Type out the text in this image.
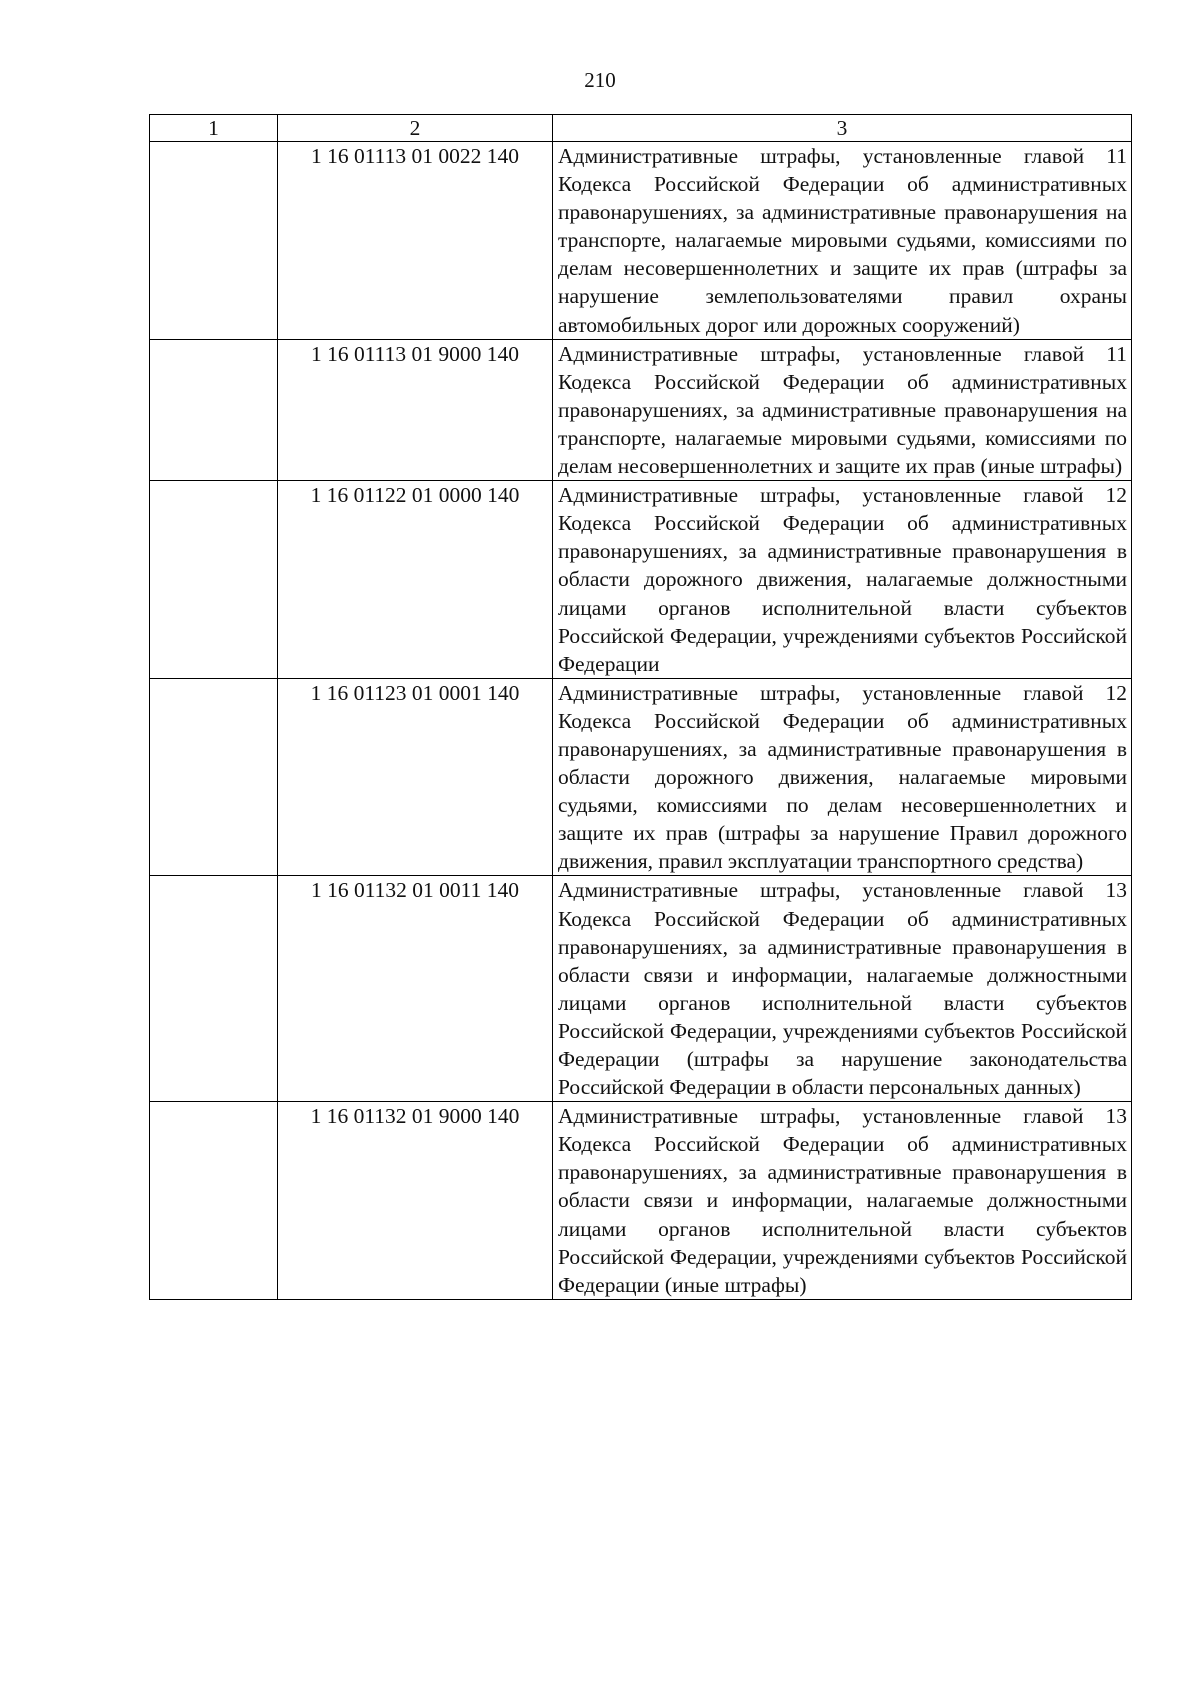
210
1	2	3
	1 16 01113 01 0022 140	Административные штрафы, установленные главой 11 Кодекса Российской Федерации об административных правонарушениях, за административные правонарушения на транспорте, налагаемые мировыми судьями, комиссиями по делам несовершеннолетних и защите их прав (штрафы за нарушение землепользователями правил охраны автомобильных дорог или дорожных сооружений)
	1 16 01113 01 9000 140	Административные штрафы, установленные главой 11 Кодекса Российской Федерации об административных правонарушениях, за административные правонарушения на транспорте, налагаемые мировыми судьями, комиссиями по делам несовершеннолетних и защите их прав (иные штрафы)
	1 16 01122 01 0000 140	Административные штрафы, установленные главой 12 Кодекса Российской Федерации об административных правонарушениях, за административные правонарушения в области дорожного движения, налагаемые должностными лицами органов исполнительной власти субъектов Российской Федерации, учреждениями субъектов Российской Федерации
	1 16 01123 01 0001 140	Административные штрафы, установленные главой 12 Кодекса Российской Федерации об административных правонарушениях, за административные правонарушения в области дорожного движения, налагаемые мировыми судьями, комиссиями по делам несовершеннолетних и защите их прав (штрафы за нарушение Правил дорожного движения, правил эксплуатации транспортного средства)
	1 16 01132 01 0011 140	Административные штрафы, установленные главой 13 Кодекса Российской Федерации об административных правонарушениях, за административные правонарушения в области связи и информации, налагаемые должностными лицами органов исполнительной власти субъектов Российской Федерации, учреждениями субъектов Российской Федерации (штрафы за нарушение законодательства Российской Федерации в области персональных данных)
	1 16 01132 01 9000 140	Административные штрафы, установленные главой 13 Кодекса Российской Федерации об административных правонарушениях, за административные правонарушения в области связи и информации, налагаемые должностными лицами органов исполнительной власти субъектов Российской Федерации, учреждениями субъектов Российской Федерации (иные штрафы)
